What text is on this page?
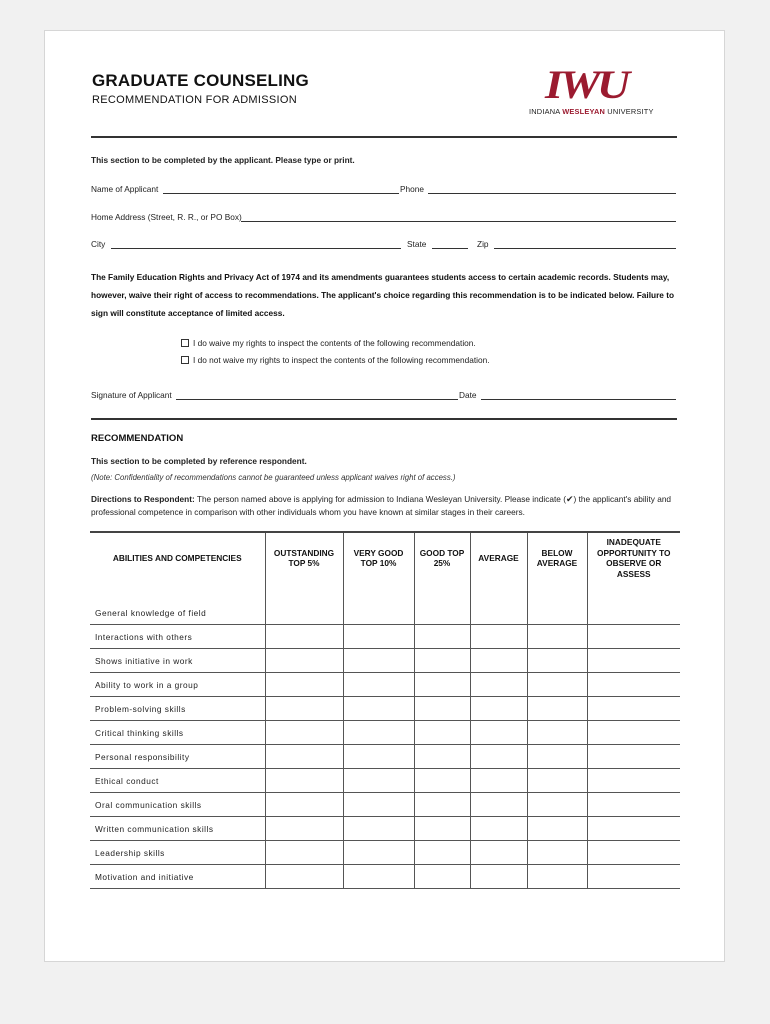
GRADUATE COUNSELING
RECOMMENDATION FOR ADMISSION	IWU
INDIANA WESLEYAN UNIVERSITY
This section to be completed by the applicant. Please type or print.
Name of Applicant	Phone
Home Address (Street, R. R., or PO Box)
City	State	Zip
The Family Education Rights and Privacy Act of 1974 and its amendments guarantees students access to certain academic records. Students may, however, waive their right of access to recommendations. The applicant's choice regarding this recommendation is to be indicated below. Failure to sign will constitute acceptance of limited access.
I do waive my rights to inspect the contents of the following recommendation.
I do not waive my rights to inspect the contents of the following recommendation.
Signature of Applicant	Date
RECOMMENDATION
This section to be completed by reference respondent.
(Note: Confidentiality of recommendations cannot be guaranteed unless applicant waives right of access.)
Directions to Respondent: The person named above is applying for admission to Indiana Wesleyan University. Please indicate (✔) the applicant's ability and professional competence in comparison with other individuals whom you have known at similar stages in their careers.
ABILITIES AND COMPETENCIES	OUTSTANDING TOP 5%	VERY GOOD TOP 10%	GOOD TOP 25%	AVERAGE	BELOW AVERAGE	INADEQUATE OPPORTUNITY TO OBSERVE OR ASSESS

General knowledge of field						
Interactions with others						
Shows initiative in work						
Ability to work in a group						
Problem-solving skills						
Critical thinking skills						
Personal responsibility						
Ethical conduct						
Oral communication skills						
Written communication skills						
Leadership skills						
Motivation and initiative						
